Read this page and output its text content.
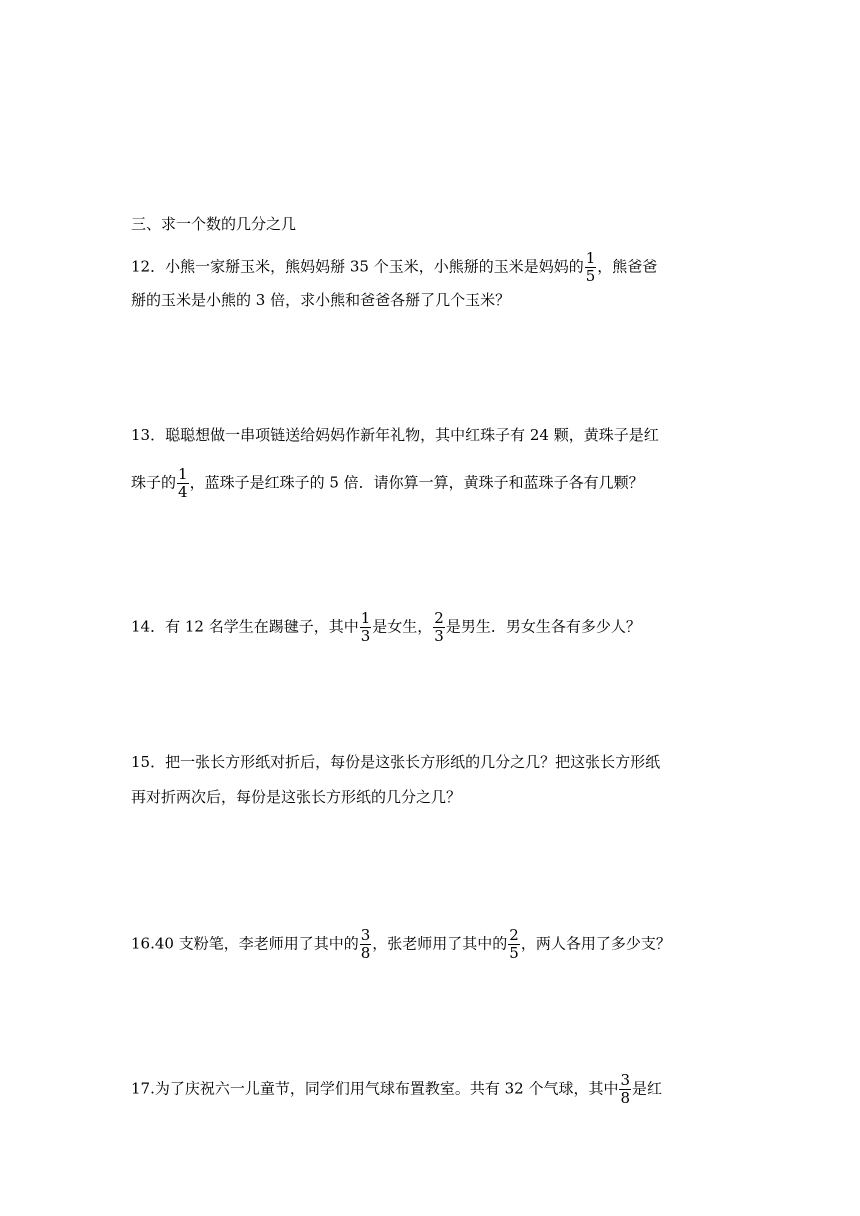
三、求一个数的几分之几
12．小熊一家掰玉米，熊妈妈掰 35 个玉米，小熊掰的玉米是妈妈的 $\frac{1}{5}$ ，熊爸爸
掰的玉米是小熊的 3 倍，求小熊和爸爸各掰了几个玉米？
13．聪聪想做一串项链送给妈妈作新年礼物，其中红珠子有 24 颗，黄珠子是红
珠子的 $\frac{1}{4}$ ，蓝珠子是红珠子的 5 倍．请你算一算，黄珠子和蓝珠子各有几颗？
14．有 12 名学生在踢毽子，其中 $\frac{1}{3}$ 是女生， $\frac{2}{3}$ 是男生．男女生各有多少人？
15．把一张长方形纸对折后，每份是这张长方形纸的几分之几？把这张长方形纸
再对折两次后，每份是这张长方形纸的几分之几？
16.40 支粉笔，李老师用了其中的 $\frac{3}{8}$ ，张老师用了其中的 $\frac{2}{5}$ ，两人各用了多少支？
17.为了庆祝六一儿童节，同学们用气球布置教室。共有 32 个气球，其中 $\frac{3}{8}$ 是红
